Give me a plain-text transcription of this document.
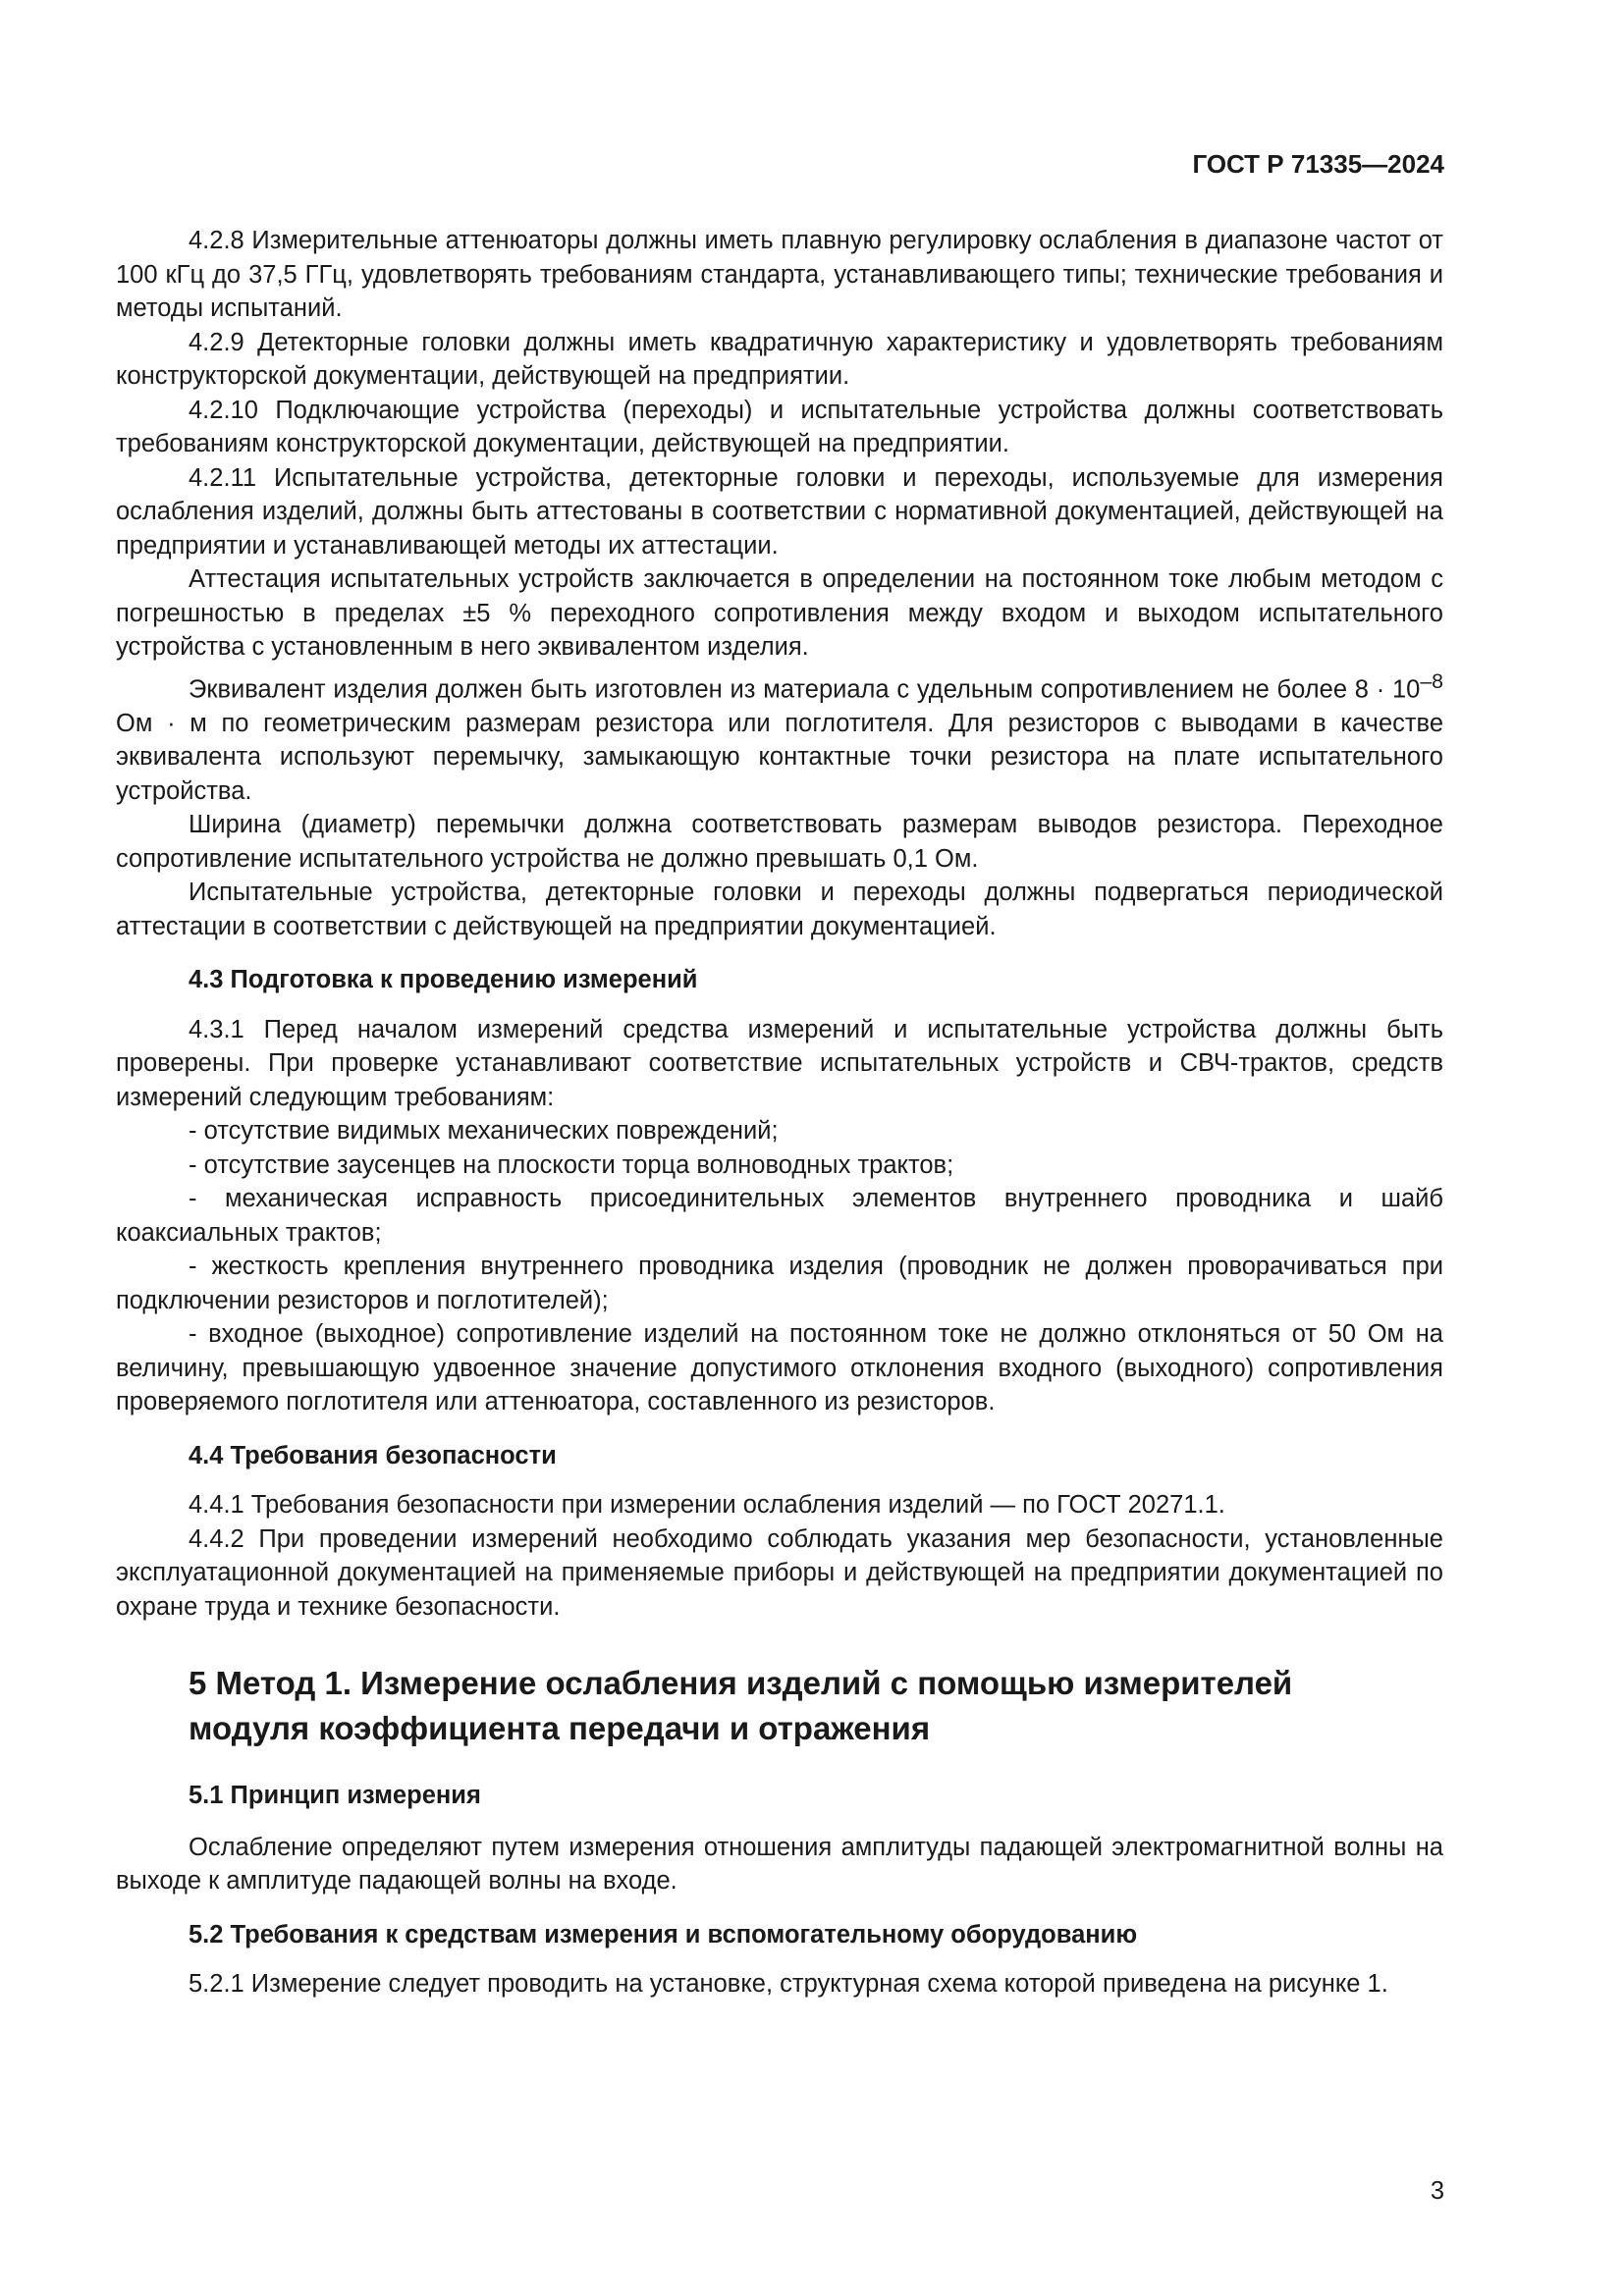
ГОСТ Р 71335—2024

4.2.8 Измерительные аттенюаторы должны иметь плавную регулировку ослабления в диапазоне частот от 100 кГц до 37,5 ГГц, удовлетворять требованиям стандарта, устанавливающего типы; технические требования и методы испытаний.

4.2.9 Детекторные головки должны иметь квадратичную характеристику и удовлетворять требованиям конструкторской документации, действующей на предприятии.

4.2.10 Подключающие устройства (переходы) и испытательные устройства должны соответствовать требованиям конструкторской документации, действующей на предприятии.

4.2.11 Испытательные устройства, детекторные головки и переходы, используемые для измерения ослабления изделий, должны быть аттестованы в соответствии с нормативной документацией, действующей на предприятии и устанавливающей методы их аттестации.

Аттестация испытательных устройств заключается в определении на постоянном токе любым методом с погрешностью в пределах ±5 % переходного сопротивления между входом и выходом испытательного устройства с установленным в него эквивалентом изделия.

Эквивалент изделия должен быть изготовлен из материала с удельным сопротивлением не более $8 \cdot 10^{-8}$ Ом · м по геометрическим размерам резистора или поглотителя. Для резисторов с выводами в качестве эквивалента используют перемычку, замыкающую контактные точки резистора на плате испытательного устройства.

Ширина (диаметр) перемычки должна соответствовать размерам выводов резистора. Переходное сопротивление испытательного устройства не должно превышать 0,1 Ом.

Испытательные устройства, детекторные головки и переходы должны подвергаться периодической аттестации в соответствии с действующей на предприятии документацией.

4.3 Подготовка к проведению измерений

4.3.1 Перед началом измерений средства измерений и испытательные устройства должны быть проверены. При проверке устанавливают соответствие испытательных устройств и СВЧ-трактов, средств измерений следующим требованиям:

- отсутствие видимых механических повреждений;

- отсутствие заусенцев на плоскости торца волноводных трактов;

- механическая исправность присоединительных элементов внутреннего проводника и шайб коаксиальных трактов;

- жесткость крепления внутреннего проводника изделия (проводник не должен проворачиваться при подключении резисторов и поглотителей);

- входное (выходное) сопротивление изделий на постоянном токе не должно отклоняться от 50 Ом на величину, превышающую удвоенное значение допустимого отклонения входного (выходного) сопротивления проверяемого поглотителя или аттенюатора, составленного из резисторов.

4.4 Требования безопасности

4.4.1 Требования безопасности при измерении ослабления изделий — по ГОСТ 20271.1.

4.4.2 При проведении измерений необходимо соблюдать указания мер безопасности, установленные эксплуатационной документацией на применяемые приборы и действующей на предприятии документацией по охране труда и технике безопасности.

5 Метод 1. Измерение ослабления изделий с помощью измерителей
модуля коэффициента передачи и отражения
5.1 Принцип измерения

Ослабление определяют путем измерения отношения амплитуды падающей электромагнитной волны на выходе к амплитуде падающей волны на входе.

5.2 Требования к средствам измерения и вспомогательному оборудованию

5.2.1 Измерение следует проводить на установке, структурная схема которой приведена на рисунке 1.

3
